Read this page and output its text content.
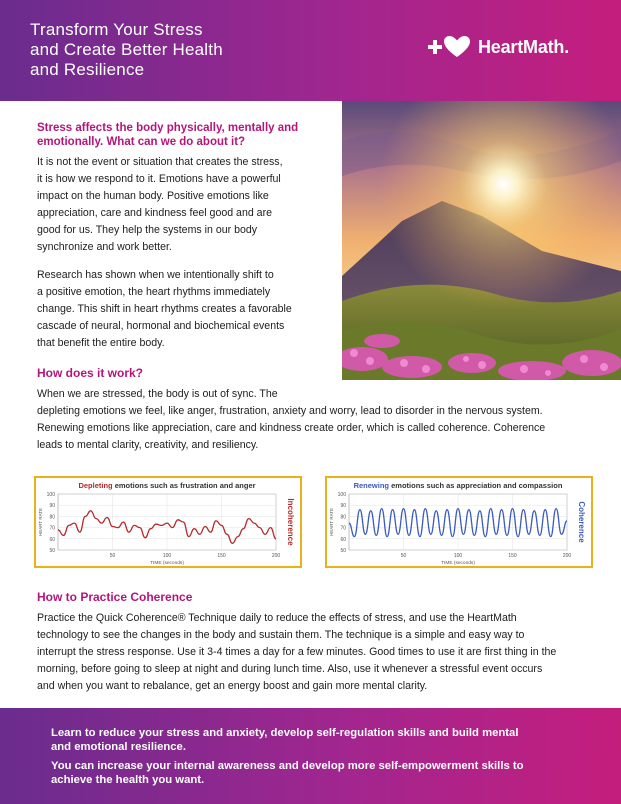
Transform Your Stress
and Create Better Health
and Resilience
HeartMath.
Stress affects the body physically, mentally and
emotionally. What can we do about it?
It is not the event or situation that creates the stress,
it is how we respond to it. Emotions have a powerful
impact on the human body. Positive emotions like
appreciation, care and kindness feel good and are
good for us. They help the systems in our body
synchronize and work better.
Research has shown when we intentionally shift to
a positive emotion, the heart rhythms immediately
change. This shift in heart rhythms creates a favorable
cascade of neural, hormonal and biochemical events
that benefit the entire body.
How does it work?
When we are stressed, the body is out of sync. The
depleting emotions we feel, like anger, frustration, anxiety and worry, lead to disorder in the nervous system.
Renewing emotions like appreciation, care and kindness create order, which is called coherence. Coherence
leads to mental clarity, creativity, and resiliency.
Depleting emotions such as frustration and anger
50
60
70
80
90
100
50	100	150	200
TIME (seconds)
HEART RATE	Incoherence
Renewing emotions such as appreciation and compassion
50
60
70
80
90
100
50	100	150	200
TIME (seconds)
HEART RATE	Coherence
How to Practice Coherence
Practice the Quick Coherence® Technique daily to reduce the effects of stress, and use the HeartMath
technology to see the changes in the body and sustain them. The technique is a simple and easy way to
interrupt the stress response. Use it 3-4 times a day for a few minutes. Good times to use it are first thing in the
morning, before going to sleep at night and during lunch time. Also, use it whenever a stressful event occurs
and when you want to rebalance, get an energy boost and gain more mental clarity.
Learn to reduce your stress and anxiety, develop self-regulation skills and build mental
and emotional resilience.
You can increase your internal awareness and develop more self-empowerment skills to
achieve the health you want.
